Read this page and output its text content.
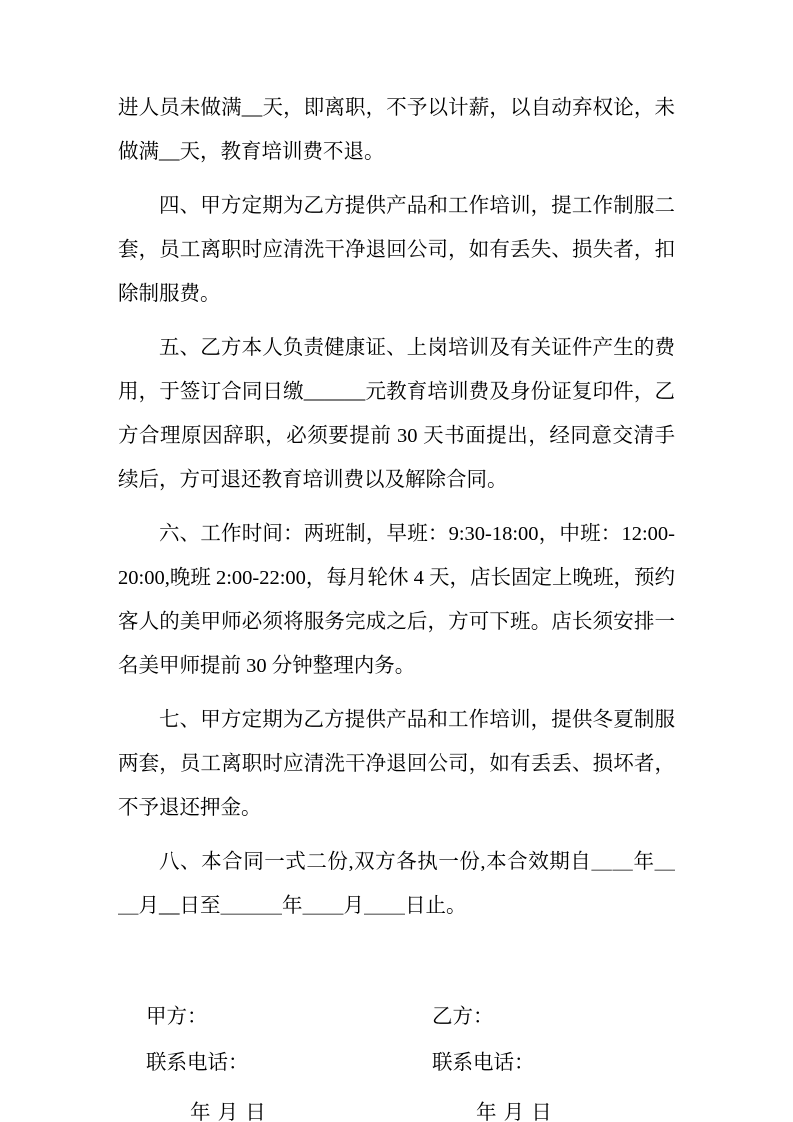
进人员未做满__天，即离职，不予以计薪，以自动弃权论，未做满__天，教育培训费不退。

四、甲方定期为乙方提供产品和工作培训，提工作制服二套，员工离职时应清洗干净退回公司，如有丢失、损失者，扣除制服费。

五、乙方本人负责健康证、上岗培训及有关证件产生的费用，于签订合同日缴______元教育培训费及身份证复印件，乙方合理原因辞职，必须要提前 30 天书面提出，经同意交清手续后，方可退还教育培训费以及解除合同。

六、工作时间：两班制，早班：9:30-18:00，中班：12:00-20:00,晚班 2:00-22:00，每月轮休 4 天，店长固定上晚班，预约客人的美甲师必须将服务完成之后，方可下班。店长须安排一名美甲师提前 30 分钟整理内务。

七、甲方定期为乙方提供产品和工作培训，提供冬夏制服两套，员工离职时应清洗干净退回公司，如有丢丢、损坏者，不予退还押金。

八、本合同一式二份,双方各执一份,本合效期自＿＿年＿＿月__日至＿＿＿年＿＿月＿＿日止。

甲方：	乙方：
联系电话：	联系电话：
年 月 日	年 月 日
